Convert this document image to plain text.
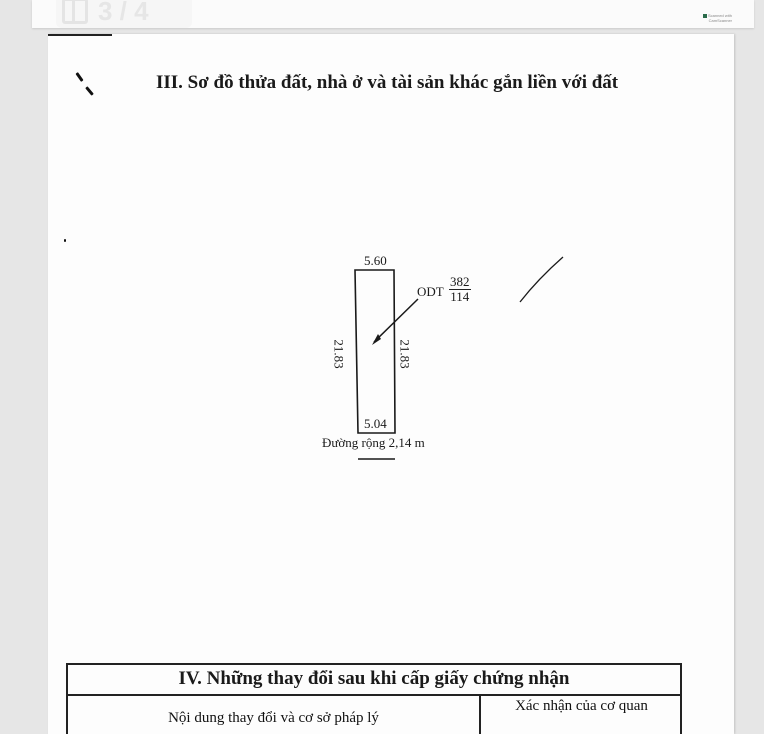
Scanned with CamScanner
3 / 4
III. Sơ đồ thửa đất, nhà ở và tài sản khác gắn liền với đất
5.60
5.04
21.83	21.83
ODT $\frac{382}{114}$
Đường rộng 2,14 m
IV. Những thay đổi sau khi cấp giấy chứng nhận
Nội dung thay đổi và cơ sở pháp lý
Xác nhận của cơ quan
